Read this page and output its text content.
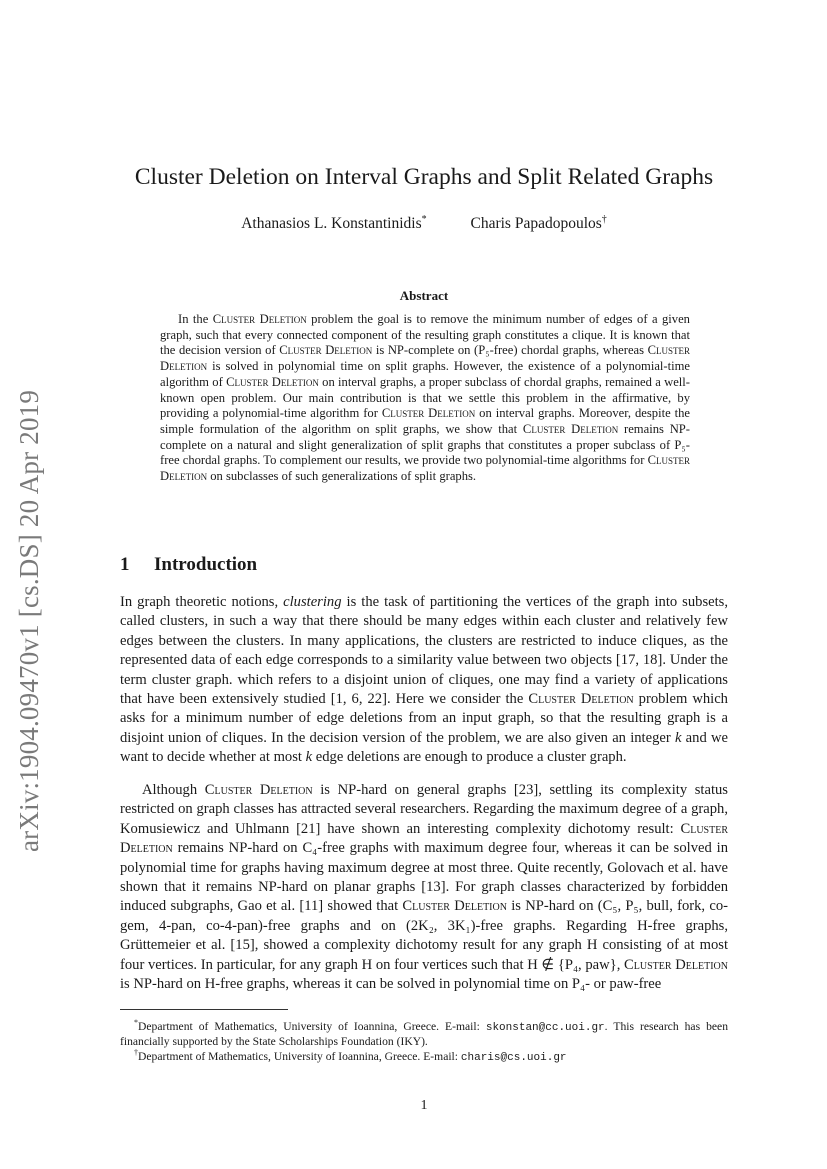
arXiv:1904.09470v1 [cs.DS] 20 Apr 2019
Cluster Deletion on Interval Graphs and Split Related Graphs
Athanasios L. Konstantinidis*	Charis Papadopoulos†
Abstract

In the Cluster Deletion problem the goal is to remove the minimum number of edges of a given graph, such that every connected component of the resulting graph constitutes a clique. It is known that the decision version of Cluster Deletion is NP-complete on (P₅-free) chordal graphs, whereas Cluster Deletion is solved in polynomial time on split graphs. However, the existence of a polynomial-time algorithm of Cluster Deletion on interval graphs, a proper subclass of chordal graphs, remained a well-known open problem. Our main contribution is that we settle this problem in the affirmative, by providing a polynomial-time algorithm for Cluster Deletion on interval graphs. Moreover, despite the simple formulation of the algorithm on split graphs, we show that Cluster Deletion remains NP-complete on a natural and slight generalization of split graphs that constitutes a proper subclass of P₅-free chordal graphs. To complement our results, we provide two polynomial-time algorithms for Cluster Deletion on subclasses of such generalizations of split graphs.

1 Introduction

In graph theoretic notions, clustering is the task of partitioning the vertices of the graph into subsets, called clusters, in such a way that there should be many edges within each cluster and relatively few edges between the clusters. In many applications, the clusters are restricted to induce cliques, as the represented data of each edge corresponds to a similarity value between two objects [17, 18]. Under the term cluster graph. which refers to a disjoint union of cliques, one may find a variety of applications that have been extensively studied [1, 6, 22]. Here we consider the Cluster Deletion problem which asks for a minimum number of edge deletions from an input graph, so that the resulting graph is a disjoint union of cliques. In the decision version of the problem, we are also given an integer k and we want to decide whether at most k edge deletions are enough to produce a cluster graph.

Although Cluster Deletion is NP-hard on general graphs [23], settling its complexity status restricted on graph classes has attracted several researchers. Regarding the maximum degree of a graph, Komusiewicz and Uhlmann [21] have shown an interesting complexity dichotomy result: Cluster Deletion remains NP-hard on C₄-free graphs with maximum degree four, whereas it can be solved in polynomial time for graphs having maximum degree at most three. Quite recently, Golovach et al. have shown that it remains NP-hard on planar graphs [13]. For graph classes characterized by forbidden induced subgraphs, Gao et al. [11] showed that Cluster Deletion is NP-hard on (C₅, P₅, bull, fork, co-gem, 4-pan, co-4-pan)-free graphs and on (2K₂, 3K₁)-free graphs. Regarding H-free graphs, Grüttemeier et al. [15], showed a complexity dichotomy result for any graph H consisting of at most four vertices. In particular, for any graph H on four vertices such that H ∉ {P₄, paw}, Cluster Deletion is NP-hard on H-free graphs, whereas it can be solved in polynomial time on P₄- or paw-free

*Department of Mathematics, University of Ioannina, Greece. E-mail: skonstan@cc.uoi.gr. This research has been financially supported by the State Scholarships Foundation (IKY).

†Department of Mathematics, University of Ioannina, Greece. E-mail: charis@cs.uoi.gr

1
